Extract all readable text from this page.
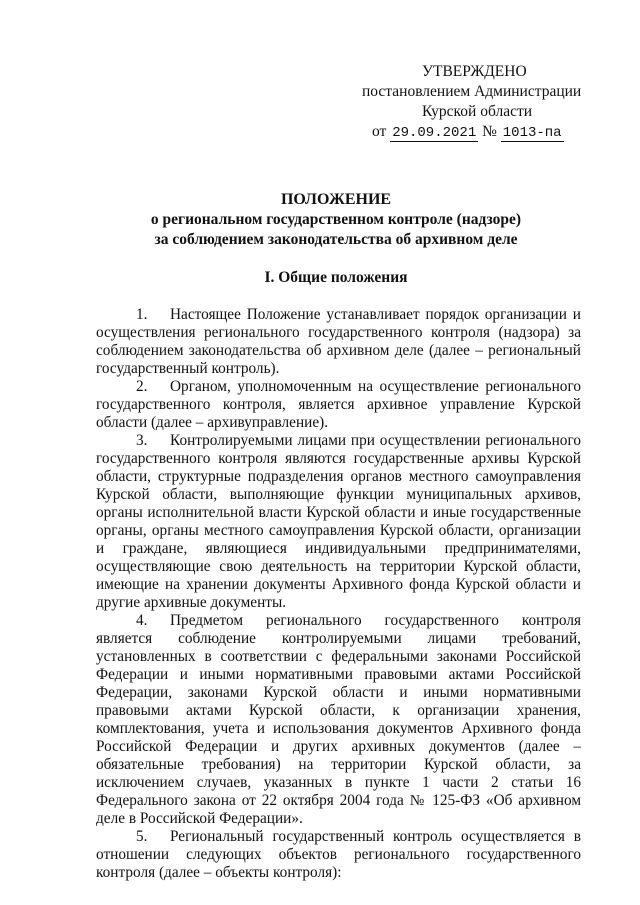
УТВЕРЖДЕНО
постановлением Администрации
Курской области
от 29.09.2021 № 1013-па
ПОЛОЖЕНИЕ
о региональном государственном контроле (надзоре)
за соблюдением законодательства об архивном деле
I. Общие положения

1. Настоящее Положение устанавливает порядок организации и осуществления регионального государственного контроля (надзора) за соблюдением законодательства об архивном деле (далее – региональный государственный контроль).

2. Органом, уполномоченным на осуществление регионального государственного контроля, является архивное управление Курской области (далее – архивуправление).

3. Контролируемыми лицами при осуществлении регионального государственного контроля являются государственные архивы Курской области, структурные подразделения органов местного самоуправления Курской области, выполняющие функции муниципальных архивов, органы исполнительной власти Курской области и иные государственные органы, органы местного самоуправления Курской области, организации и граждане, являющиеся индивидуальными предпринимателями, осуществляющие свою деятельность на территории Курской области, имеющие на хранении документы Архивного фонда Курской области и другие архивные документы.

4. Предметом регионального государственного контроля является соблюдение контролируемыми лицами требований, установленных в соответствии с федеральными законами Российской Федерации и иными нормативными правовыми актами Российской Федерации, законами Курской области и иными нормативными правовыми актами Курской области, к организации хранения, комплектования, учета и использования документов Архивного фонда Российской Федерации и других архивных документов (далее – обязательные требования) на территории Курской области, за исключением случаев, указанных в пункте 1 части 2 статьи 16 Федерального закона от 22 октября 2004 года № 125-ФЗ «Об архивном деле в Российской Федерации».

5. Региональный государственный контроль осуществляется в отношении следующих объектов регионального государственного контроля (далее – объекты контроля):
